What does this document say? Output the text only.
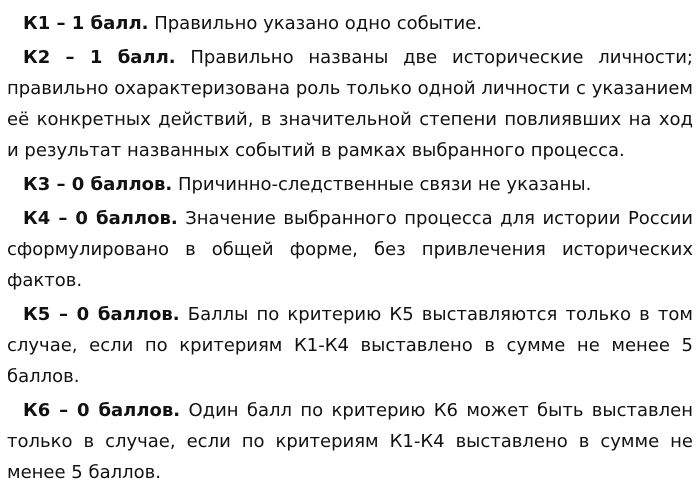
К1 – 1 балл. Правильно указано одно событие.

К2 – 1 балл. Правильно названы две исторические личности; правильно охарактеризована роль только одной личности с указанием её конкретных действий, в значительной степени повлиявших на ход и результат названных событий в рамках выбранного процесса.

К3 – 0 баллов. Причинно-следственные связи не указаны.

К4 – 0 баллов. Значение выбранного процесса для истории России сформулировано в общей форме, без привлечения исторических фактов.

К5 – 0 баллов. Баллы по критерию К5 выставляются только в том случае, если по критериям К1-К4 выставлено в сумме не менее 5 баллов.

К6 – 0 баллов. Один балл по критерию К6 может быть выставлен только в случае, если по критериям К1-К4 выставлено в сумме не менее 5 баллов.
